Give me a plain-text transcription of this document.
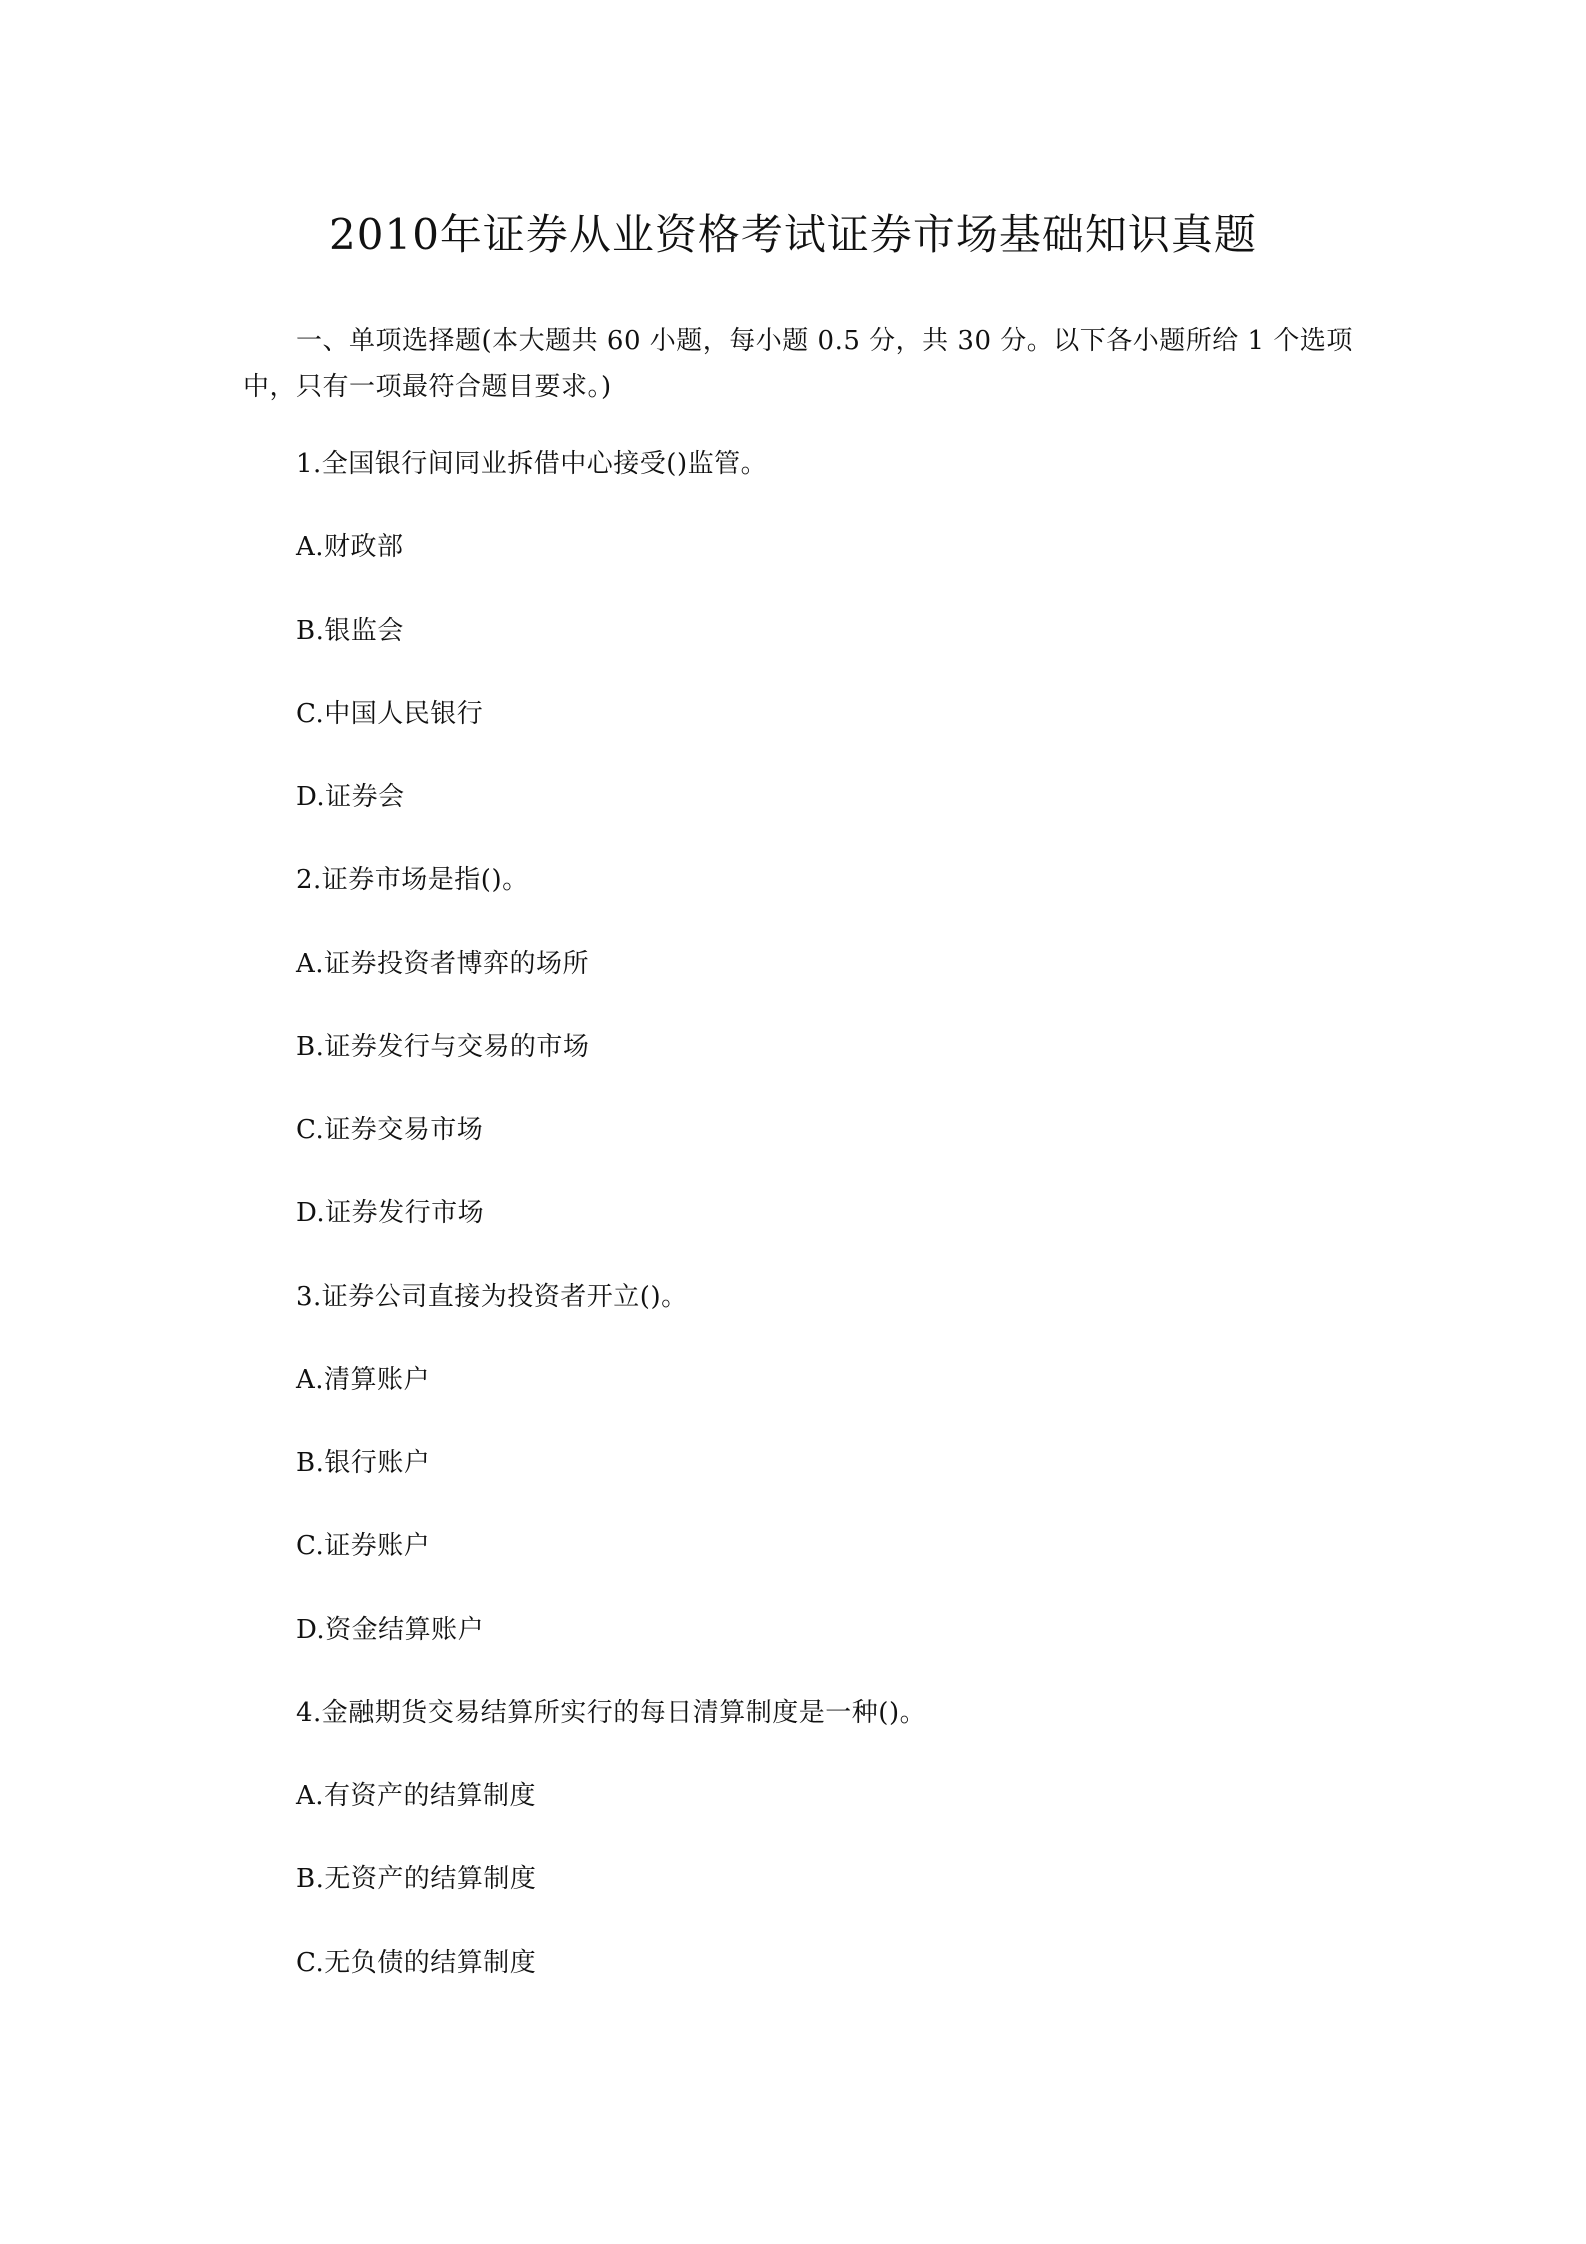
2010年证券从业资格考试证券市场基础知识真题
一、单项选择题(本大题共 60 小题，每小题 0.5 分，共 30 分。以下各小题所给 1 个选项中，只有一项最符合题目要求。)
1.全国银行间同业拆借中心接受()监管。
A.财政部
B.银监会
C.中国人民银行
D.证券会
2.证券市场是指()。
A.证券投资者博弈的场所
B.证券发行与交易的市场
C.证券交易市场
D.证券发行市场
3.证券公司直接为投资者开立()。
A.清算账户
B.银行账户
C.证券账户
D.资金结算账户
4.金融期货交易结算所实行的每日清算制度是一种()。
A.有资产的结算制度
B.无资产的结算制度
C.无负债的结算制度
